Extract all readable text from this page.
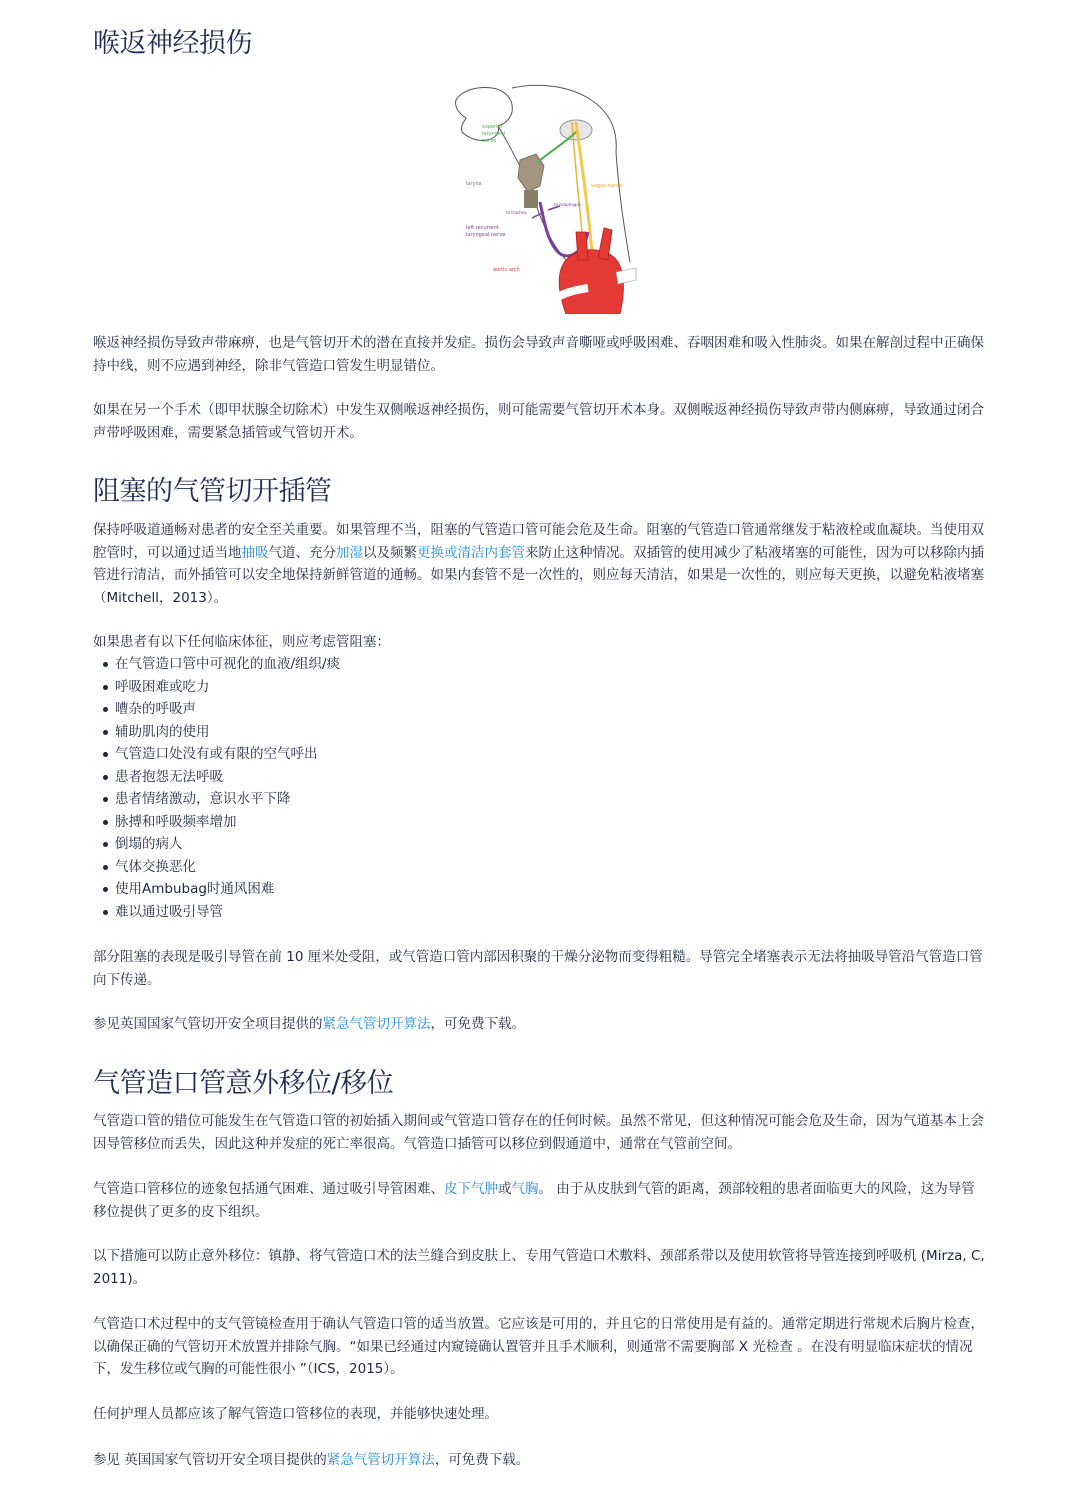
喉返神经损伤
superior
laryngeal
nerve
larynx	vagus nerve
to trachea
to esophagus
left recurrent
laryngeal nerve
aortic arch

喉返神经损伤导致声带麻痹，也是气管切开术的潜在直接并发症。损伤会导致声音嘶哑或呼吸困难、吞咽困难和吸入性肺炎。如果在解剖过程中正确保持中线，则不应遇到神经，除非气管造口管发生明显错位。

如果在另一个手术（即甲状腺全切除术）中发生双侧喉返神经损伤，则可能需要气管切开术本身。双侧喉返神经损伤导致声带内侧麻痹，导致通过闭合声带呼吸困难，需要紧急插管或气管切开术。

阻塞的气管切开插管

保持呼吸道通畅对患者的安全至关重要。如果管理不当，阻塞的气管造口管可能会危及生命。阻塞的气管造口管通常继发于粘液栓或血凝块。当使用双腔管时，可以通过适当地抽吸气道、充分加湿以及频繁更换或清洁内套管来防止这种情况。双插管的使用减少了粘液堵塞的可能性，因为可以移除内插管进行清洁，而外插管可以安全地保持新鲜管道的通畅。如果内套管不是一次性的，则应每天清洁，如果是一次性的，则应每天更换，以避免粘液堵塞（Mitchell，2013）。

如果患者有以下任何临床体征，则应考虑管阻塞：

在气管造口管中可视化的血液/组织/痰
呼吸困难或吃力
嘈杂的呼吸声
辅助肌肉的使用
气管造口处没有或有限的空气呼出
患者抱怨无法呼吸
患者情绪激动，意识水平下降
脉搏和呼吸频率增加
倒塌的病人
气体交换恶化
使用Ambubag时通风困难
难以通过吸引导管

部分阻塞的表现是吸引导管在前 10 厘米处受阻，或气管造口管内部因积聚的干燥分泌物而变得粗糙。导管完全堵塞表示无法将抽吸导管沿气管造口管向下传递。

参见英国国家气管切开安全项目提供的紧急气管切开算法，可免费下载。

气管造口管意外移位/移位

气管造口管的错位可能发生在气管造口管的初始插入期间或气管造口管存在的任何时候。虽然不常见，但这种情况可能会危及生命，因为气道基本上会因导管移位而丢失，因此这种并发症的死亡率很高。气管造口插管可以移位到假通道中，通常在气管前空间。

气管造口管移位的迹象包括通气困难、通过吸引导管困难、皮下气肿或气胸。 由于从皮肤到气管的距离，颈部较粗的患者面临更大的风险，这为导管移位提供了更多的皮下组织。

以下措施可以防止意外移位：镇静、将气管造口术的法兰缝合到皮肤上、专用气管造口术敷料、颈部系带以及使用软管将导管连接到呼吸机 (Mirza, C, 2011)。

气管造口术过程中的支气管镜检查用于确认气管造口管的适当放置。它应该是可用的，并且它的日常使用是有益的。通常定期进行常规术后胸片检查，以确保正确的气管切开术放置并排除气胸。“如果已经通过内窥镜确认置管并且手术顺利，则通常不需要胸部 X 光检查 。在没有明显临床症状的情况下，发生移位或气胸的可能性很小 ”（ICS，2015）。

任何护理人员都应该了解气管造口管移位的表现，并能够快速处理。

参见 英国国家气管切开安全项目提供的紧急气管切开算法，可免费下载。
